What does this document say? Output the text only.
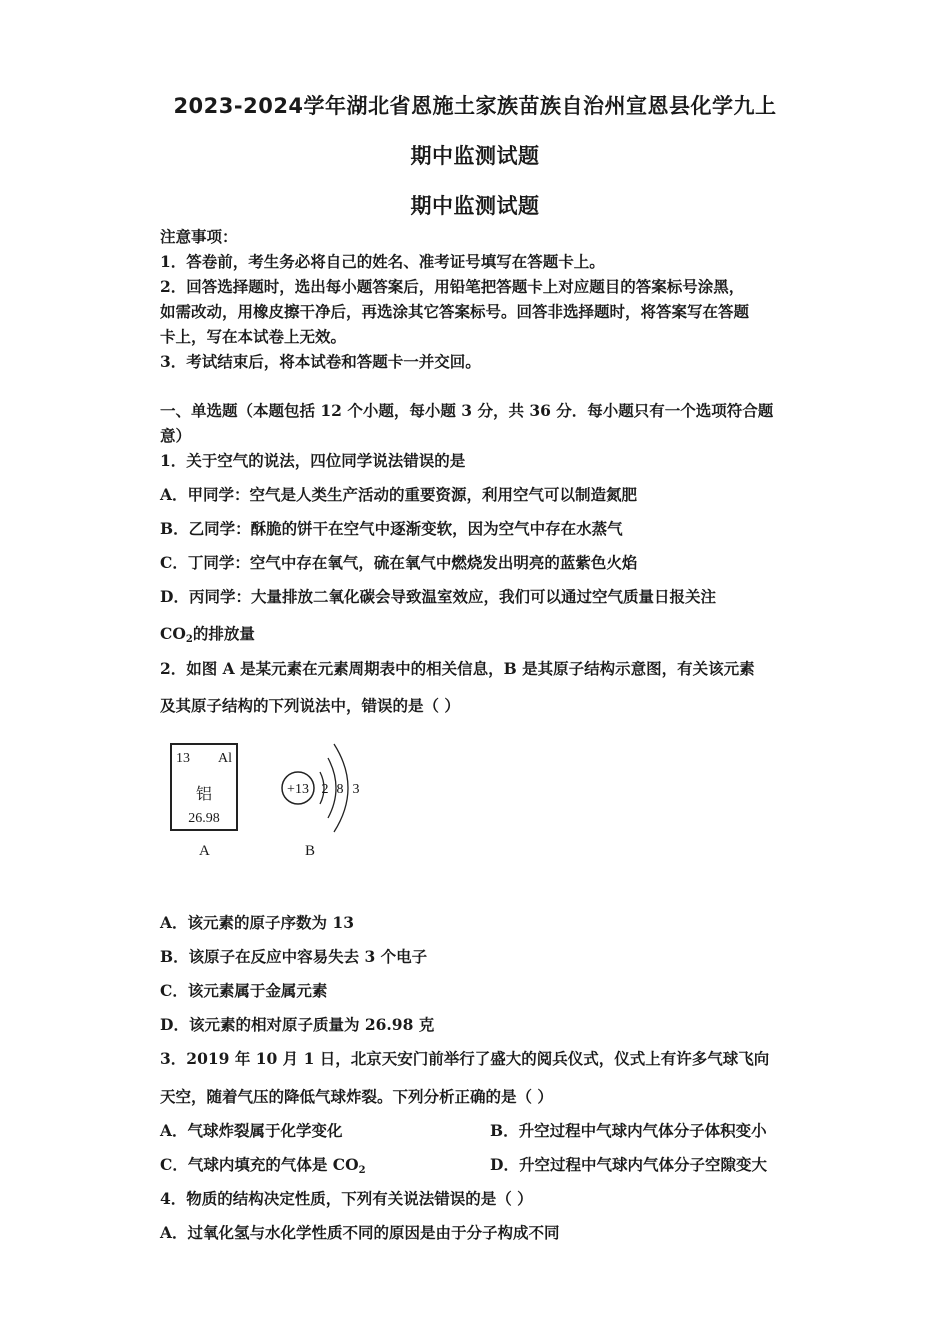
2023-2024学年湖北省恩施土家族苗族自治州宣恩县化学九上
期中监测试题
期中监测试题
注意事项：
1．答卷前，考生务必将自己的姓名、准考证号填写在答题卡上。
2．回答选择题时，选出每小题答案后，用铅笔把答题卡上对应题目的答案标号涂黑，
如需改动，用橡皮擦干净后，再选涂其它答案标号。回答非选择题时，将答案写在答题
卡上，写在本试卷上无效。
3．考试结束后，将本试卷和答题卡一并交回。
一、单选题（本题包括 12 个小题，每小题 3 分，共 36 分．每小题只有一个选项符合题
意）
1．关于空气的说法，四位同学说法错误的是
A．甲同学：空气是人类生产活动的重要资源，利用空气可以制造氮肥
B．乙同学：酥脆的饼干在空气中逐渐变软，因为空气中存在水蒸气
C．丁同学：空气中存在氧气，硫在氧气中燃烧发出明亮的蓝紫色火焰
D．丙同学：大量排放二氧化碳会导致温室效应，我们可以通过空气质量日报关注
$CO_2$的排放量
2．如图 A 是某元素在元素周期表中的相关信息，B 是其原子结构示意图，有关该元素
及其原子结构的下列说法中，错误的是（ ）
13 Al
铝
26.98
A
+13 2 8 3
B
A．该元素的原子序数为 13
B．该原子在反应中容易失去 3 个电子
C．该元素属于金属元素
D．该元素的相对原子质量为 26.98 克
3．2019 年 10 月 1 日，北京天安门前举行了盛大的阅兵仪式，仪式上有许多气球飞向
天空，随着气压的降低气球炸裂。下列分析正确的是（ ）
A．气球炸裂属于化学变化	B．升空过程中气球内气体分子体积变小
C．气球内填充的气体是 $CO_2$	D．升空过程中气球内气体分子空隙变大
4．物质的结构决定性质，下列有关说法错误的是（ ）
A．过氧化氢与水化学性质不同的原因是由于分子构成不同
